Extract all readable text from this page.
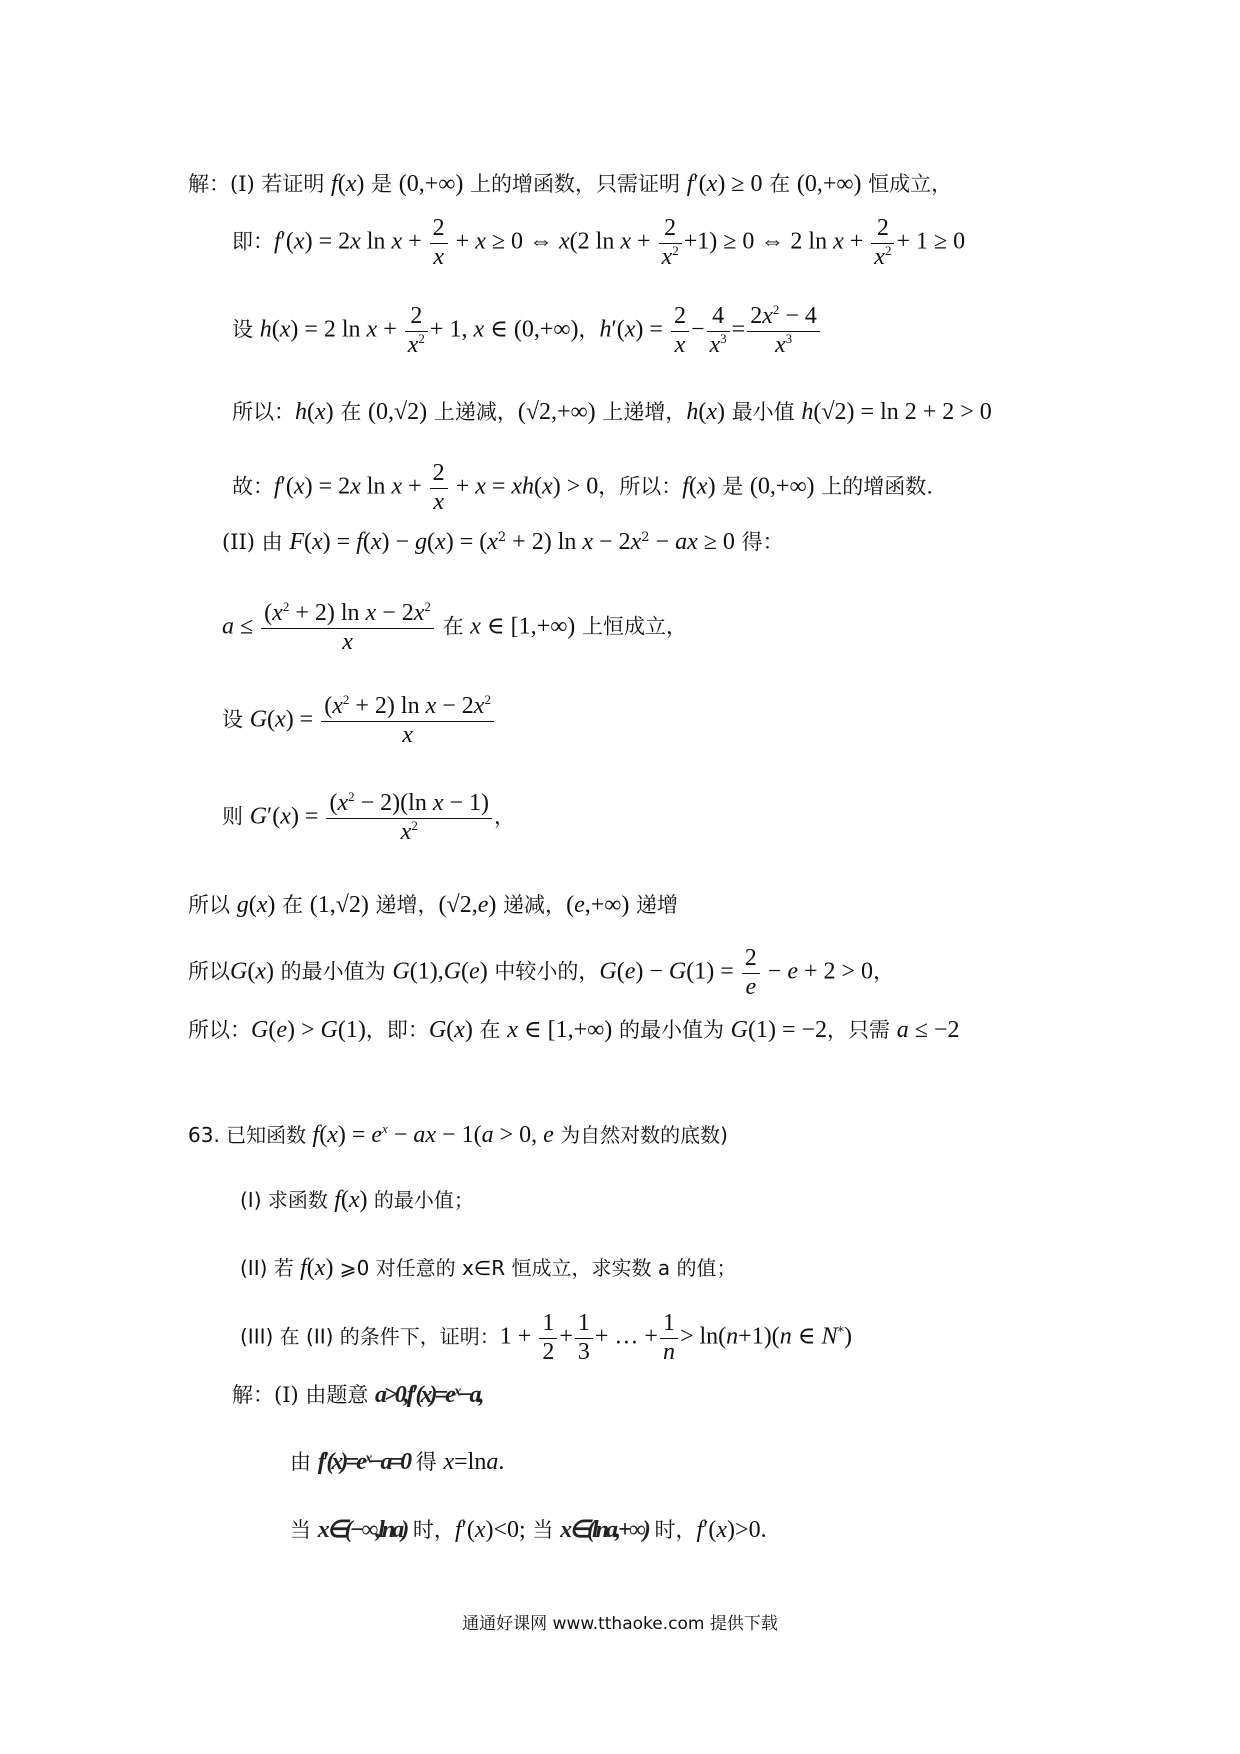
解：(I) 若证明 f(x) 是 (0,+∞) 上的增函数，只需证明 f′(x) ≥ 0 在 (0,+∞) 恒成立，
即：f′(x) = 2x $\ln x + \frac{2}{x} + x \ge 0$ ⇔ x(2 $\ln x + \frac{2}{x^2} +1) \ge 0$ ⇔ 2 $\ln x + \frac{2}{x^2} + 1 \ge 0$
设 h(x) = 2 $\ln x + \frac{2}{x^2} + 1$, x ∈ (0,+∞)，$h'(x) = \frac{2}{x} - \frac{4}{x^3} = \frac{2x^2 - 4}{x^3}$
所以：h(x) 在 (0,√2) 上递减，(√2,+∞) 上递增，h(x) 最小值 h(√2) = ln 2 + 2 > 0
故：f′(x) = 2x $\ln x + \frac{2}{x} + x = xh(x) > 0$，所以：f(x) 是 (0,+∞) 上的增函数.
(II) 由 $F(x) = f(x) - g(x) = (x^2 + 2)$ $\ln x - 2x^2$ − ax ≥ 0 得：
$a \le \frac{(x^2 + 2) \ln x - 2x^2}{x}$ 在 x ∈ [1,+∞) 上恒成立，
设 $G(x) = \frac{(x^2 + 2) \ln x - 2x^2}{x}$
则 $G'(x) = \frac{(x^2 - 2)(\ln x - 1)}{x^2}$ ，
所以 g(x) 在 (1,√2) 递增，(√2,e) 递减，(e,+∞) 递增
所以G(x) 的最小值为 G(1),G(e) 中较小的，$G(e) - G(1) = \frac{2}{e} - e + 2 > 0$，
所以：G(e) > G(1)，即：G(x) 在 x ∈ [1,+∞) 的最小值为 G(1) = −2，只需 a ≤ −2
63. 已知函数 $f(x) = e^x$ − ax − 1(a > 0, e 为自然对数的底数)
(I) 求函数 f(x) 的最小值；
(II) 若 f(x) ⩾0 对任意的 x∈R 恒成立，求实数 a 的值；
(III) 在 (II) 的条件下，证明：$1 + \frac{1}{2} + \frac{1}{3}$ + … + $\frac{1}{n} > \ln(n+1)(n$ ∈ N*)
解：(I) 由题意 a>0,f′(x)=eˣ−a,
由 f′(x)=eˣ−a=0 得 x=lna.
当 x∈(−∞,lna) 时，f′(x)<0; 当 x∈(lna,+∞) 时，f′(x)>0.
通通好课网 www.tthaoke.com 提供下载
